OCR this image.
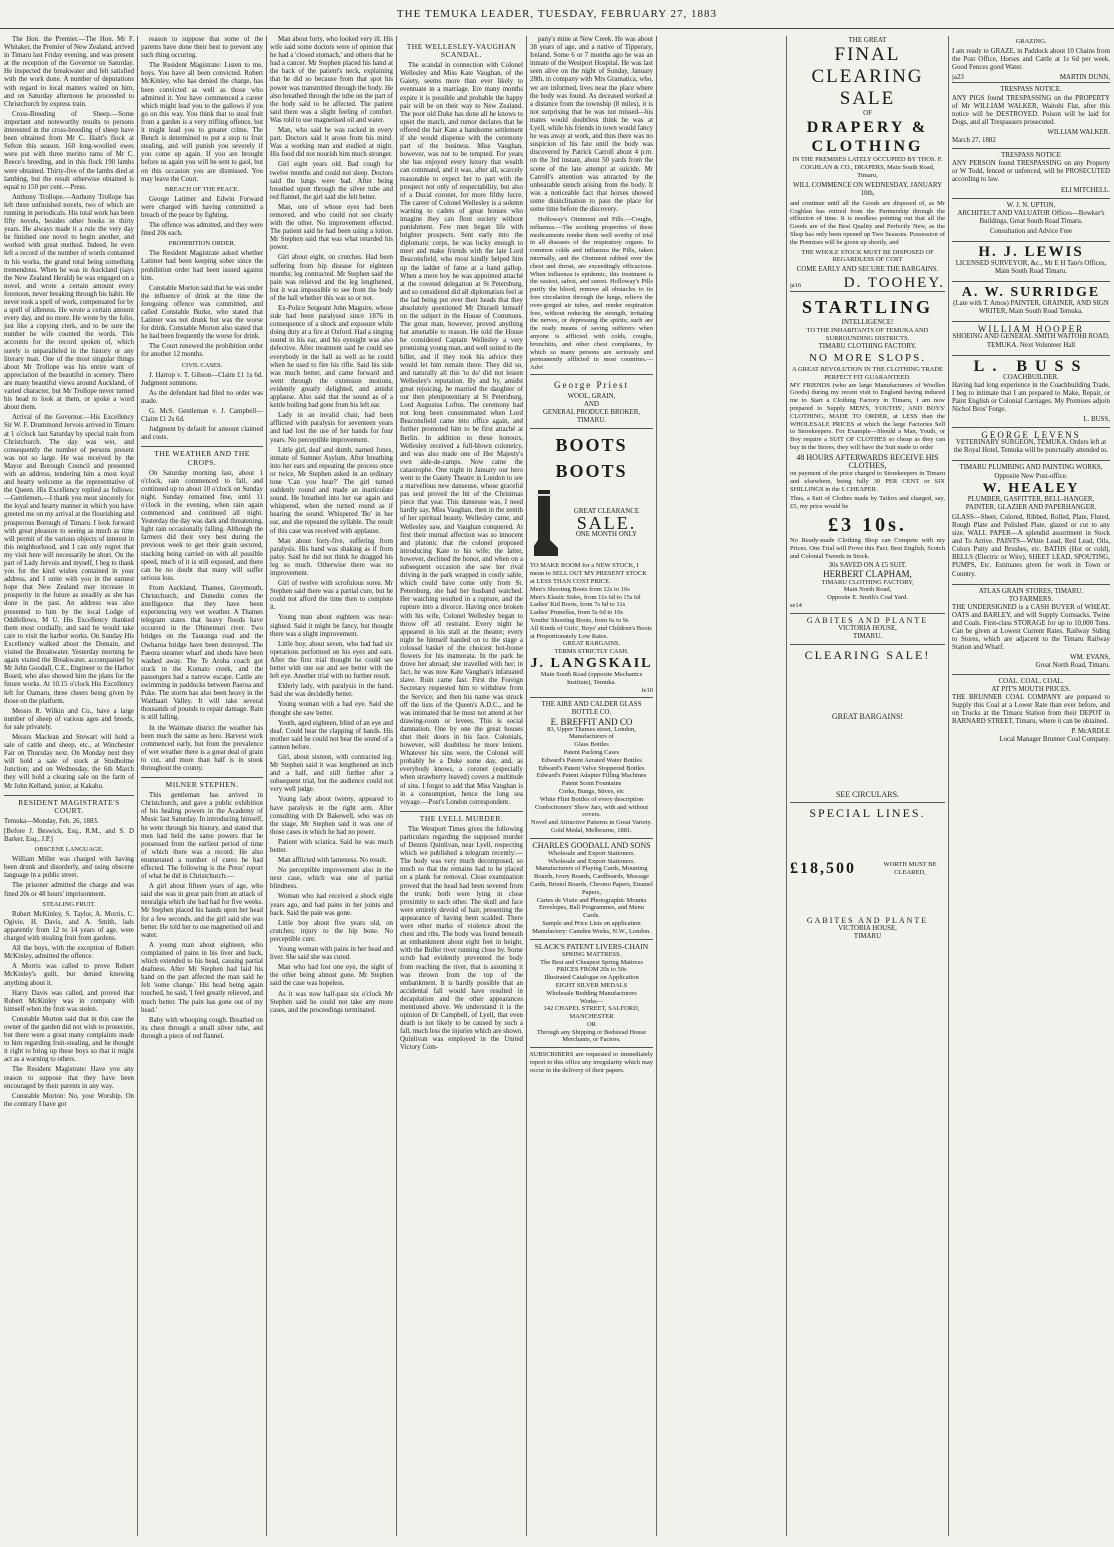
THE TEMUKA LEADER, TUESDAY, FEBRUARY 27, 1883

The Hon. the Premier.—The Hon. Mr F. Whitaker, the Premier of New Zealand, arrived in Timaru last Friday evening, and was present at the reception of the Governor on Saturday. He inspected the breakwater and felt satisfied with the work done. A number of deputations with regard to local matters waited on him, and on Saturday afternoon he proceeded to Christchurch by express train.

Cross-Breeding of Sheep.—Some important and noteworthy results to persons interested in the cross-breeding of sheep have been obtained from Mr C. Haitt's flock at Sefton this season. 160 long-woolled ewes were put with three merino rams of Mr C. Reece's breeding, and in this flock 190 lambs were obtained. Thirty-five of the lambs died at lambing, but the result otherwise obtained is equal to 150 per cent.—Press.

Anthony Trollope.—Anthony Trollope has left three unfinished novels, two of which are running in periodicals. His total work has been fifty novels, besides other books in thirty years. He always made it a rule the very day he finished one novel to begin another, and worked with great method. Indeed, he even left a record of the number of words contained in his works, the grand total being something tremendous. When he was in Auckland (says the New Zealand Herald) he was engaged on a novel, and wrote a certain amount every forenoon, never breaking through his habit. He never took a spell of work, compensated for by a spell of idleness. He wrote a certain amount every day, and no more. He wrote by the folio, just like a copying clerk, and to be sure the number he wife counted the words. This accounts for the record spoken of, which surely is unparalleled in the history or any literary man. One of the most singular things about Mr Trollope was his entire want of appreciation of the beautiful in scenery. There are many beautiful views around Auckland, of varied character, but Mr Trollope never turned his head to look at them, or spoke a word about them.

Arrival of the Governor.—His Excellency Sir W. F. Drummond Jervois arrived in Timaru at 1 o'clock last Saturday by special train from Christchurch. The day was wet, and consequently the number of persons present was not so large. He was received by the Mayor and Borough Council and presented with an address, tendering him a most loyal and hearty welcome as the representative of the Queen. His Excellency replied as follows:—Gentlemen,—I thank you most sincerely for the loyal and hearty manner in which you have greeted me on my arrival at the flourishing and prosperous Borough of Timaru. I look forward with great pleasure to seeing as much as time will permit of the various objects of interest in this neighborhood, and I can only regret that my visit here will necessarily be short. On the part of Lady Jervois and myself, I beg to thank you for the kind wishes contained in your address, and I unite with you in the earnest hope that New Zealand may increase in prosperity in the future as steadily as she has done in the past. An address was also presented to him by the local Lodge of Oddfellows, M U. His Excellency thanked them most cordially, and said he would take care to visit the harbor works. On Sunday His Excellency walked about the Domain, and visited the Breakwater. Yesterday morning he again visited the Breakwater, accompanied by Mr John Goodall, C.E., Engineer to the Harbor Board, who also showed him the plans for the future works. At 10.15 o'clock His Excellency left for Oamaru, three cheers being given by those on the platform.

Messrs R. Wilkin and Co., have a large number of sheep of various ages and breeds, for sale privately.

Messrs Maclean and Stewart will hold a sale of cattle and sheep, etc., at Winchester Fair on Thursday next. On Monday next they will hold a sale of stock at Studholme Junction; and on Wednesday, the 6th March they will hold a clearing sale on the farm of Mr John Kelland, junior, at Kakahu.

RESIDENT MAGISTRATE'S COURT.

Temuka—Monday, Feb. 26, 1883.

[Before J. Beswick, Esq., R.M., and S. D Barker, Esq., J.P.]

OBSCENE LANGUAGE.

William Miller was charged with having been drunk and disorderly, and using obscene language in a public street.

The prisoner admitted the charge and was fined 20s or 48 hours' imprisonment.

STEALING FRUIT.

Robert McKinley, S. Taylor, A. Morris, C. Ogivie, H. Davis, and A. Smith, lads apparently from 12 to 14 years of age, were charged with stealing fruit from gardens.

All the boys, with the exception of Robert McKinley, admitted the offence.

A Morris was called to prove Robert McKinley's guilt, but denied knowing anything about it.

Harry Davis was called, and proved that Robert McKinley was in company with himself when the fruit was stolen.

Constable Morton said that in this case the owner of the garden did not wish to prosecute, but there were a great many complaints made to him regarding fruit-stealing, and he thought it right to bring up these boys so that it might act as a warning to others.

The Resident Magistrate: Have you any reason to suppose that they have been encouraged by their parents in any way.

Constable Morton: No, your Worship. On the contrary I have got

reason to suppose that some of the parents have done their best to prevent any such thing occuring.

The Resident Magistrate: Listen to me, boys. You have all been convicted. Robert McKinley, who has denied the charge, has been convicted as well as those who admitted it. You have commenced a career which might lead you to the gallows if you go on this way. You think that to steal fruit from a garden is a very trifling offence, but it might lead you to greater crime. The Bench is determined to put a stop to fruit stealing, and will punish you severely if you come up again. If you are brought before us again you will be sent to gaol, but on this occasion you are dismissed. You may leave the Court.

BREACH OF THE PEACE.

George Latimer and Edwin Forward were charged with having committed a breach of the peace by fighting.

The offence was admitted, and they were fined 20s each.

PROHIBITION ORDER.

The Resident Magistrate asked whether Latimer had been keeping sober since the prohibition order had been issued against him.

Constable Morton said that he was under the influence of drink at the time the foregoing offence was committed, and called Constable Burke, who stated that Latimer was not drunk but was the worse for drink. Constable Morton also stated that he had been frequently the worse for drink.

The Court renewed the prohibition order for another 12 months.

CIVIL CASES.

J. Harrop v. T. Gibson—Claim £1 1s 6d. Judgment summons.

As the defendant had filed no order was made.

G. McS. Gentleman v. J. Campbell—Claim £1 2s 6d.

Judgment by default for amount claimed and costs.

THE WEATHER AND THE CROPS.

On Saturday morning last, about 1 o'clock, rain commenced to fall, and continued up to about 10 o'clock on Sunday night. Sunday remained fine, until 11 o'clock in the evening, when rain again commenced and continued all night. Yesterday the day was dark and threatening, light rain occasionally falling. Although the farmers did their very best during the previous week to get their grain secured, stacking being carried on with all possible speed, much of it is still exposed, and there can be no doubt that many will suffer serious loss.

From Auckland, Thames, Greymouth, Christchurch, and Dunedin comes the intelligence that they have been experiencing very wet weather. A Thames telegram states that heavy floods have occurred in the Ohinemuri river. Two bridges on the Tauranga road and the Owharoa bridge have been destroyed. The Paeora steamer wharf and sheds have been washed away. The Te Aroha coach got stuck in the Komato creek, and the passengers had a narrow escape. Cattle are swimming in paddocks between Paeroa and Puke. The storm has also been heavy in the Waithaati Valley. It will take several thousands of pounds to repair damage. Rain is still falling.

In the Waimate district the weather has been much the same as here. Harvest work commenced early, but from the prevalence of wet weather there is a great deal of grain to cut, and more than half is in stook throughout the county.

MILNER STEPHEN.

This gentleman has arrived in Christchurch, and gave a public exhibition of his healing powers in the Academy of Music last Saturday. In introducing himself, he went through his history, and stated that men had held the same powers that he possessed from the earliest period of time of which there was a record. He also enumerated a number of cures he had effected. The following is the Press' report of what he did in Christchurch:—

A girl about fifteen years of age, who said she was in great pain from an attack of neuralgia which she had had for five weeks. Mr Stephen placed his hands upon her head for a few seconds, and the girl said she was better. He told her to use magnetised oil and water.

A young man about eighteen, who complained of pains in his liver and back, which extended to his head, causing partial deafness. After Mr Stephen had laid his hand on the part affected the man said he felt 'some change.' His head being again touched, he said, 'I feel greatly relieved, and much better. The pain has gone out of my head.'

Baby with whooping cough. Breathed on its chest through a small silver tube, and through a piece of red flannel.

Man about forty, who looked very ill. His wife said some doctors were of opinion that he had a 'closed stomach,' and others that he had a cancer. Mr Stephen placed his hand at the back of the patient's neck, explaining that he did so because from that spot his power was transmitted through the body. He also breathed through the tube on the part of the body said to be affected. The patient said there was a slight feeling of comfort. Was told to use magnetised oil and water.

Man, who said he was racked in every part. Doctors said it arose from his mind. Was a working man and studied at night. His food did not nourish him much stronger.

Girl eight years old. Bad cough for twelve months and could not sleep. Doctors said the lungs were bad. After being breathed upon through the silver tube and red flannel, the girl said she felt better.

Man, one of whose eyes had been removed, and who could not see clearly with the other. No improvement effected. The patient said he had been using a lotion. Mr Stephen said that was what retarded his power.

Girl about eight, on crutches. Had been suffering from hip disease for eighteen months; leg contracted. Mr Stephen said the pain was relieved and the leg lengthened, but it was impossible to see from the body of the hall whether this was so or not.

Ex-Police Sergeant John Maguire, whose side had been paralysed since 1876 in consequence of a shock and exposure while doing duty at a fire at Oxford. Had a singing sound in his ear, and his eyesight was also defective. After treatment said he could see everybody in the hall as well as he could when he used to fire his rifle. Said his side was much better, and came forward and went through the extension motions, evidently greatly delighted, and amidst applause. Also said that the sound as of a kettle boiling had gone from his left ear.

Lady in an invalid chair, had been afflicted with paralysis for seventeen years and had lost the use of her hands for four years. No perceptible improvement.

Little girl, deaf and dumb, named Jones, inmate of Sumner Asylum. After breathing into her ears and repeating the process once or twice, Mr Stephen asked in an ordinary tone 'Can you hear?' The girl turned suddenly round and made an inarticulate sound. He breathed into her ear again and whispered, when she turned round as if hearing the sound. Whispered 'Bo' in her ear, and she repeated the syllable. The result of this case was received with applause.

Man about forty-five, suffering from paralysis. His hand was shaking as if from palsy. Said he did not think he dragged his leg so much. Otherwise there was no improvement.

Girl of twelve with scrofulous sores. Mr Stephen said there was a partial cure, but he could not afford the time then to complete it.

Young man about eighteen was near-sighted. Said it might be fancy, but thought there was a slight improvement.

Little boy, about seven, who had had six operations performed on his eyes and ears. After the first trial thought he could see better with one ear and see better with the left eye. Another trial with no further result.

Elderly lady, with paralysis in the hand, Said she was decidedly better.

Young woman with a bad eye. Said she thought she saw better.

Youth, aged eighteen, blind of an eye and deaf. Could hear the clapping of hands. His mother said he could not hear the sound of a cannon before.

Girl, about sixteen, with contracted leg. Mr Stephen said it was lengthened an inch and a half, and still further after a subsequent trial, but the audience could not very well judge.

Young lady about twenty, appeared to have paralysis in the right arm. After consulting with Dr Bakewell, who was on the stage, Mr Stephen said it was one of those cases in which he had no power.

Patient with sciatica. Said he was much better.

Man afflicted with lameness. No result.

No perceptible improvement also in the next case, which was one of partial blindness.

Woman who had received a shock eight years ago, and had pains in her joints and back. Said the pain was gone.

Little boy about five years old, on crutches; injury to the hip bone. No perceptible cure.

Young woman with pains in her head and liver. She said she was cured.

Man who had lost one eye, the sight of the other being almost gone. Mr Stephen said the case was hopeless.

As it was now half-past six o'clock Mr Stephen said he could not take any more cases, and the proceedings terminated.

THE WELLESLEY-VAUGHAN SCANDAL.

The scandal in connection with Colonel Wellesley and Miss Kate Vaughan, of the Gaiety, seems more than ever likely to eventuate in a marriage. Ere many months expire it is possible and probable the happy pair will be on their way to New Zealand. The poor old Duke has done all he knows to upset the match, and rumor declares that he offered the fair Kate a handsome settlement if she would dispense with the ceremony part of the business. Miss Vaughan, however, was not to be tempted. For years she has enjoyed every luxury that wealth can command, and it was, after all, scarcely reasonable to expect her to part with the prospect not only of respectability, but also of a Ducal coronet, for more filthy lucre. The career of Colonel Wellesley is a solemn warning to cadets of great houses who imagine they can flout society without punishment. Few men began life with brighter prospects. Sent early into the diplomatic corps, he was lucky enough to meet and make friends with the late Lord Beaconsfield, who most kindly helped him up the ladder of fame at a hand gallop. When a mere boy he was appointed attaché at the coveted delegation at St Petersburg, and so considered did all diplomatists feel at the lad being put over their heads that they absolutely questioned Mr Disraeli himself on the subject in the House of Commons. The great man, however, proved anything but amenable to reason. He told the House he considered Captain Wellesley a very promising young man, and well suited to the billet, and if they took his advice they would let him remain there. They did so, and naturally all this 'to do' did not lessen Wellesley's reputation. By and by, amidst great rejoicing, he married the daughter of our then plenipotentiary at St Petersburg, Lord Augustus Loftus. The ceremony had not long been consummated when Lord Beaconsfield came into office again, and further promoted him to be first attaché at Berlin. In addition to these honours, Wellesley received a full-blown colonelcy, and was also made one of Her Majesty's own aide-de-camps. Now came the catastrophe. One night in January our hero went to the Gaiety Theatre in London to see a marvellous new danseuse, whose graceful pas seul proved the hit of the Christmas piece that year. This danseuse was, I need hardly say, Miss Vaughan, then in the zenith of her spiritual beauty. Wellesley came, and Wellesley saw, and Vaughan conquered. At first their mutual affection was so innocent and platonic that the colonel proposed introducing Kate to his wife; the latter, however, declined the honor, and when on a subsequent occasion she saw her rival driving in the park wrapped in costly sable, which could have come only from St. Petersburg, she had her husband watched. Her watching resulted in a rupture, and the rupture into a divorce. Having once broken with his wife, Colonel Wellesley began to throw off all restraint. Every night he appeared in his stall at the theatre; every night he himself handed on to the stage a colossal basket of the choicest hot-house flowers for his inamorata. In the park he drove her abroad; she travelled with her; in fact, he was now Kate Vaughan's infatuated slave. Ruin came fast. First the Foreign Secretary requested him to withdraw from the Service; and then his name was struck off the lists of the Queen's A.D.C., and he was intimated that he must not attend at her drawing-room or levees. This is social damnation. One by one the great houses shut their doors in his face. Colonials, however, will doubtless be more lenient. Whatever his sins were, the Colonel will probably be a Duke some day, and, as everybody knows, a coronet (especially when strawberry leaved) covers a multitude of sins. I forgot to add that Miss Vaughan is in a consumption, hence the long sea voyage.—Post's London correspondent.

THE LYELL MURDER.

The Westport Times gives the following particulars regarding the supposed murder of Dennis Quinlivan, near Lyell, respecting which we published a telegram recently:—The body was very much decomposed, so much so that the remains had to be placed on a plank for removal. Close examination proved that the head had been severed from the trunk; both were lying in close proximity to each other. The skull and face were entirely devoid of hair, presenting the appearance of having been scalded. There were other marks of violence about the chest and ribs. The body was found beneath an embankment about eight feet in height, with the Buller river running close by. Some scrub had evidently prevented the body from reaching the river, that is assuming it was thrown from the top of the embankment. It is hardly possible that an accidental fall would have resulted in decapitation and the other appearances mentioned above. We understand it is the opinion of Dr Campbell, of Lyell, that even death is not likely to be caused by such a fall, much less the injuries which are shown. Quinlivan was employed in the United Victory Com-

pany's mine at New Creek. He was about 38 years of age, and a native of Tipperary, Ireland. Some 6 or 7 months ago he was an inmate of the Westport Hospital. He was last seen alive on the night of Sunday, January 28th, in company with Mrs Gramatica, who, we are informed, lives near the place where the body was found. As deceased worked at a distance from the township (8 miles), it is not surprising that he was not missed—his mates would doubtless think he was at Lyell, while his friends in town would fancy he was away at work, and thus there was no suspicion of his fate until the body was discovered by Patrick Carroll about 4 p.m. on the 3rd instant, about 50 yards from the scene of the late attempt at suicide. Mr Carroll's attention was attracted by the unbearable stench arising from the body. It was a noticeable fact that horses showed some disinclination to pass the place for some time before the discovery.

Holloway's Ointment and Pills.—Coughs, influenza.—The soothing properties of these medicaments render them well worthy of trial in all diseases of the respiratory organs. In common colds and influenza the Pills, taken internally, and the Ointment rubbed over the chest and throat, are exceedingly efficacious. When influenza is epidemic, this treatment is the easiest, safest, and surest. Holloway's Pills purify the blood, remove all obstacles to its free circulation through the lungs, relieve the over-gorged air tubes, and render respiration free, without reducing the strength, irritating the nerves, or depressing the spirits; such are the ready means of saving sufferers when anyone is afflicted with colds, coughs, bronchitis, and other chest complaints, by which so many persons are seriously and permanently afflicted in most countries.—Advt

George Priest
WOOL, GRAIN,
AND
GENERAL PRODUCE BROKER,
TIMARU.
BOOTS BOOTS
GREAT CLEARANCE
SALE.
ONE MONTH ONLY

TO MAKE ROOM for a NEW STOCK, I mean to SELL OUT MY PRESENT STOCK at LESS THAN COST PRICE.

Men's Shooting Boots from 12s to 16s

Men's Elastic Sides, from 11s 6d to 15s 6d

Ladies' Kid Boots, from 7s 6d to 11s

Ladies' Prunellas, from 5s 6d to 10s

Youths' Shooting Boots, from 6s to 9s

All Kinds of Girls', Boys' and Children's Boots at Proportionately Low Rates.

GREAT BARGAINS.

TERMS STRICTLY CASH.

J. LANGSKAIL
Main South Road (opposite Mechanics Institute), Temuka.
fe10
THE AIRE AND CALDER GLASS BOTTLE CO.
E. BREFFIT AND CO

83, Upper Thames street, London,

Manufacturers of

Glass Bottles

Patent Packing Cases

Edward's Patent Aerated Water Bottles

Edward's Patent Valve Stoppered Bottles

Edward's Patent Adapter Filling Machines

Patent Scent Fountains

Corks, Bungs, Stives, etc

White Flint Bottles of every description

Confectioners' Show Jars, with and without covers.

Novel and Attractive Patterns in Great Variety.

Gold Medal, Melbourne, 1881.

CHARLES GOODALL AND SONS

Wholesale and Export Stationers.

Wholesale and Export Stationers.

Manufacturers of Playing Cards, Mounting Boards, Ivory Boards, Cardboards, Message Cards, Bristol Boards, Chromo Papers, Enamel Papers,

Cartes de Visite and Photographic Mounts

Envelopes, Ball Programmes, and Menu Cards.

Sample and Price Lists on application

Manufactory: Camden Works, N.W., London.

SLACK'S PATENT LIVERS-CHAIN

SPRING MATTRESS.

The Best and Cheapest Spring Mattress

PRICES FROM 20s to 50s

Illustrated Catalogue on Application

EIGHT SILVER MEDALS

Wholesale Bedding Manufacturers

Works—

142 CHAPEL STREET, SALFORD, MANCHESTER

OR

Through any Shipping or Bedstead House Merchants, or Factors.

SUBSCRIBERS are requested to immediately report to this office any irregularity which may occur in the delivery of their papers.
THE GREAT
FINAL CLEARING SALE
OF
DRAPERY & CLOTHING

IN THE PREMISES LATELY OCCUPIED BY THOS. F. COGHLAN & CO., DRAPERS, Main South Road, Timaru,

WILL COMMENCE ON WEDNESDAY, JANUARY 10th,

and continue until all the Goods are disposed of, as Mr Coghlan has retired from the Partnership through the effluxion of time. It is needless pointing out that all the Goods are of the Best Quality and Perfectly New, as the Shop has only been opened up Two Seasons. Possession of the Premises will be given up shortly, and

THE WHOLE STOCK MUST BE DISPOSED OF REGARDLESS OF COST

COME EARLY AND SECURE THE BARGAINS.

ja16	D. TOOHEY.
STARTLING
INTELLIGENCE!
TO THE INHABITANTS OF TEMUKA AND SURROUNDING DISTRICTS.
TIMARU CLOTHING FACTORY.
NO MORE SLOPS.
A GREAT REVOLUTION IN THE CLOTHING TRADE PERFECT FIT GUARANTEED.

MY FRIENDS (who are large Manufacturers of Woollen Goods) during my recent visit to England having induced me to Start a Clothing Factory in Timaru, I am now prepared to Supply MEN'S, YOUTHS', AND BOYS' CLOTHING, MADE TO ORDER, at LESS than the WHOLESALE PRICES at which the large Factories Sell to Storekeepers. For Example—Should a Man, Youth, or Boy require a SUIT OF CLOTHES so cheap as they can buy in the Stores, they will have the Suit made to order

48 HOURS AFTERWARDS RECEIVE HIS CLOTHES,

on payment of the price charged to Storekeepers in Timaru and elsewhere, being fully 30 PER CENT or SIX SHILLINGS in the £ CHEAPER.

Thus, a Suit of Clothes made by Tailors and charged, say, £5, my price would be

£3 10s.

No Ready-made Clothing Shop can Compete with my Prices. One Trial will Prove this Fact. Best English, Scotch and Colonial Tweeds in Stock.

30s SAVED ON A £5 SUIT.
HERBERT CLAPHAM,
TIMARU CLOTHING FACTORY,
Main North Road,
Opposite E. Smith's Coal Yard.
se14
GABITES AND PLANTE
VICTORIA HOUSE,
TIMARU.
CLEARING SALE!
GREAT BARGAINS!
SEE CIRCULARS.
SPECIAL LINES.
£18,500	WORTH MUST BE CLEARED,
GABITES AND PLANTE
VICTORIA HOUSE,
TIMARU
GRAZING.

I am ready to GRAZE, in Paddock about 10 Chains from the Post Office, Horses and Cattle at 1s 6d per week. Good Fences good Water.

ja23	MARTIN DUNN,
TRESPASS NOTICE.

ANY PIGS found TRESPASSING on the PROPERTY of Mr WILLIAM WALKER, Waitohi Flat, after this notice will be DESTROYED. Poison will be laid for Dogs, and all Trespassers prosecuted.

WILLIAM WALKER.
March 27, 1882
TRESPASS NOTICE

ANY PERSON found TRESPASSING on any Property or W Todd, fenced or unfenced, will be PROSECUTED according to law.

ELI MITCHELL.
W. J. N. UPTON,

ARCHITECT AND VALUATOR Offices—Bowker's Buildings, Great South Road Timaru.

Consultation and Advice Free

H. J. LEWIS

LICENSED SURVEYOR, &c., Mr E H Tate's Offices, Main South Road Timaru.

A. W. SURRIDGE

(Late with T. Amos) PAINTER, GRAINER, AND SIGN WRITER, Main South Road Temuka.

WILLIAM HOOPER

SHOEING AND GENERAL SMITH WAITOHI ROAD, TEMUKA. Next Volunteer Hall

L. BUSS
COACHBUILDER.

Having had long experience in the Coachbuilding Trade, I beg to intimate that I am prepared to Make, Repair, or Paint English or Colonial Carriages. My Premises adjoin Nichol Bros' Forge.

L. BUSS,
GEORGE LEVENS

VETERINARY SURGEON, TEMUKA. Orders left at the Royal Hotel, Temuka will be punctually attended to.

TIMARU PLUMBING AND PAINTING WORKS,
Opposite New Post-office.
W. HEALEY

PLUMBER, GASFITTER, BELL-HANGER, PAINTER, GLAZIER AND PAPERHANGER.

GLASS—Sheet, Colored, Ribbed, Rolled, Plate, Fluted, Rough Plate and Polished Plate, glazed or cut to any size. WALL PAPER—A splendid assortment in Stock and To Arrive. PAINTS—White Lead, Red Lead, Oils, Colors Putty and Brushes, etc. BATHS (Hot or cold), BELLS (Electric or Wire), SHEET LEAD, SPOUTING, PUMPS, Etc. Estimates given for work in Town or Country.

ATLAS GRAIN STORES, TIMARU.
TO FARMERS.

THE UNDERSIGNED is a CASH BUYER of WHEAT, OATS and BARLEY, and will Supply Cornsacks, Twine and Coals. First-class STORAGE for up to 10,000 Tons. Can be given at Lowest Current Rates. Railway Siding to Stores, which are adjacent to the Timaru Railway Station and Wharf.

WM. EVANS,
Great North Road, Timaru.
COAL. COAL. COAL.
AT PIT'S MOUTH PRICES.

THE BRUNNER COAL COMPANY are prepared to Supply this Coal at a Lower Rate than ever before, and on Trucks at the Timaru Station from their DEPOT in BARNARD STREET, Timaru, where it can be obtained.

P. McARDLE
Local Manager Brunner Coal Company.
